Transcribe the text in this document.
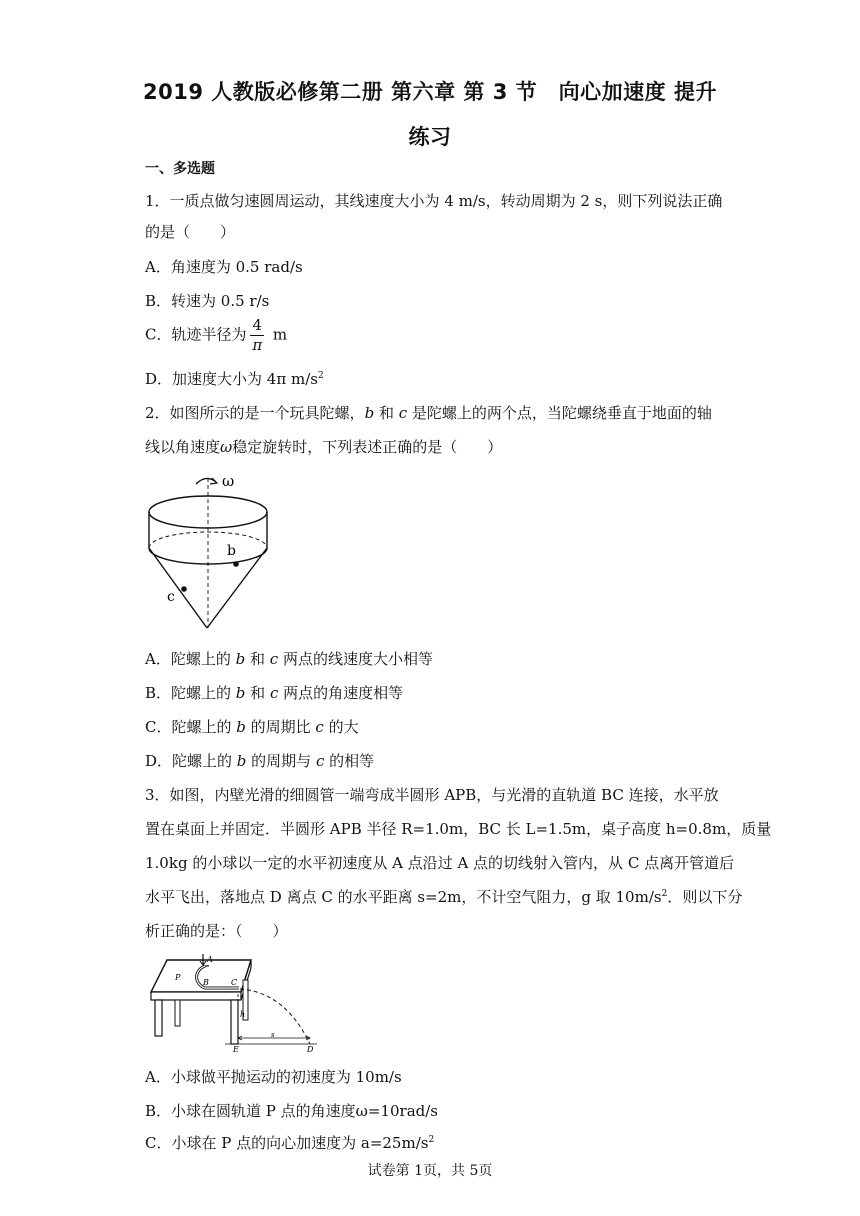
2019 人教版必修第二册 第六章 第 3 节　向心加速度 提升
练习
一、多选题
1．一质点做匀速圆周运动，其线速度大小为 4 m/s，转动周期为 2 s，则下列说法正确
的是（　　）
A．角速度为 0.5 rad/s
B．转速为 0.5 r/s
C．轨迹半径为 $\frac{4}{\pi}$ m
D．加速度大小为 4π $m/s^2$
2．如图所示的是一个玩具陀螺，b 和 c 是陀螺上的两个点，当陀螺绕垂直于地面的轴
线以角速度ω稳定旋转时，下列表述正确的是（　　）
ω
b
c
A．陀螺上的 b 和 c 两点的线速度大小相等
B．陀螺上的 b 和 c 两点的角速度相等
C．陀螺上的 b 的周期比 c 的大
D．陀螺上的 b 的周期与 c 的相等
3．如图，内壁光滑的细圆管一端弯成半圆形 APB，与光滑的直轨道 BC 连接，水平放
置在桌面上并固定．半圆形 APB 半径 R=1.0m，BC 长 L=1.5m，桌子高度 h=0.8m，质量
1.0kg 的小球以一定的水平初速度从 A 点沿过 A 点的切线射入管内，从 C 点离开管道后
水平飞出，落地点 D 离点 C 的水平距离 s=2m，不计空气阻力，g 取 $10m/s^2$．则以下分
析正确的是：（　　）
A
P
B	C
h
s
E	D
A．小球做平抛运动的初速度为 10m/s
B．小球在圆轨道 P 点的角速度ω=10rad/s
C．小球在 P 点的向心加速度为 $a=25m/s^2$
试卷第 1页，共 5页
